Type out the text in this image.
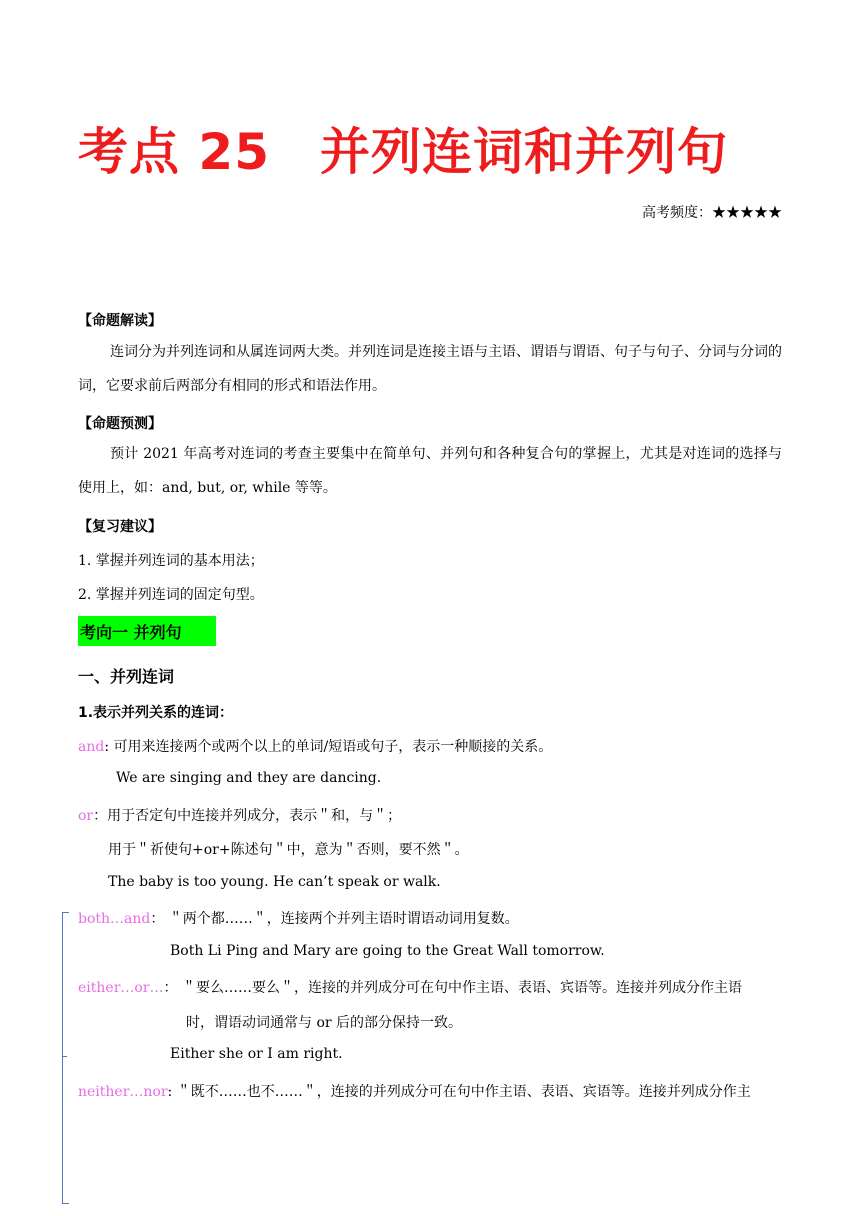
考点 25 并列连词和并列句
高考频度：★★★★★
【命题解读】
连词分为并列连词和从属连词两大类。并列连词是连接主语与主语、谓语与谓语、句子与句子、分词与分词的词，它要求前后两部分有相同的形式和语法作用。
【命题预测】
预计 2021 年高考对连词的考查主要集中在简单句、并列句和各种复合句的掌握上，尤其是对连词的选择与使用上，如：and, but, or, while 等等。
【复习建议】
1. 掌握并列连词的基本用法；
2. 掌握并列连词的固定句型。
考向一 并列句
一、并列连词
1.表示并列关系的连词：
and: 可用来连接两个或两个以上的单词/短语或句子，表示一种顺接的关系。
We are singing and they are dancing.
or：用于否定句中连接并列成分，表示＂和，与＂；
用于＂祈使句+or+陈述句＂中，意为＂否则，要不然＂。
The baby is too young. He can’t speak or walk.
both…and： ＂两个都……＂，连接两个并列主语时谓语动词用复数。
Both Li Ping and Mary are going to the Great Wall tomorrow.
either…or…： ＂要么……要么＂，连接的并列成分可在句中作主语、表语、宾语等。连接并列成分作主语
时，谓语动词通常与 or 后的部分保持一致。
Either she or I am right.
neither…nor: ＂既不……也不……＂，连接的并列成分可在句中作主语、表语、宾语等。连接并列成分作主
